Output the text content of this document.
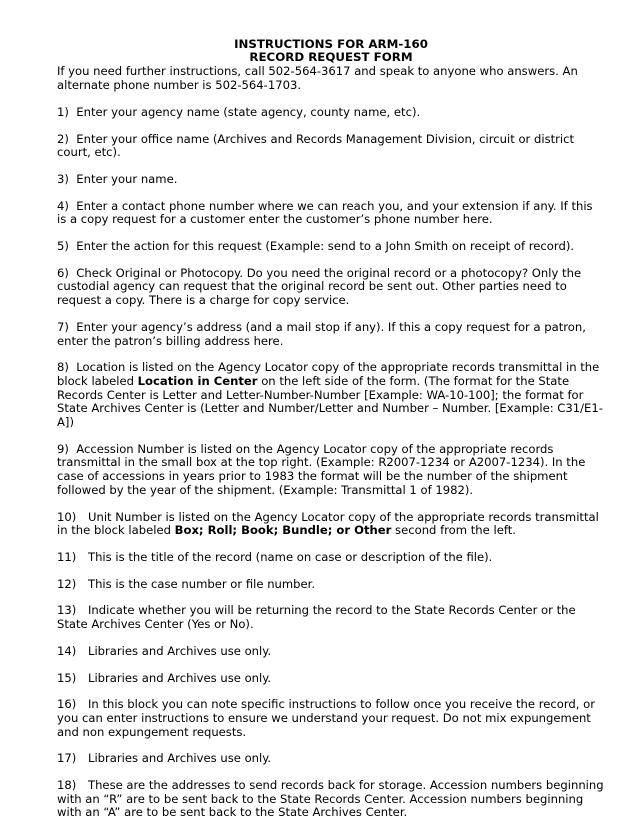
INSTRUCTIONS FOR ARM-160
RECORD REQUEST FORM

If you need further instructions, call 502-564-3617 and speak to anyone who answers. An alternate phone number is 502-564-1703.

1) Enter your agency name (state agency, county name, etc).

2) Enter your office name (Archives and Records Management Division, circuit or district court, etc).

3) Enter your name.

4) Enter a contact phone number where we can reach you, and your extension if any. If this is a copy request for a customer enter the customer’s phone number here.

5) Enter the action for this request (Example: send to a John Smith on receipt of record).

6) Check Original or Photocopy. Do you need the original record or a photocopy? Only the custodial agency can request that the original record be sent out. Other parties need to request a copy. There is a charge for copy service.

7) Enter your agency’s address (and a mail stop if any). If this a copy request for a patron, enter the patron’s billing address here.

8) Location is listed on the Agency Locator copy of the appropriate records transmittal in the block labeled Location in Center on the left side of the form. (The format for the State Records Center is Letter and Letter-Number-Number [Example: WA-10-100]; the format for State Archives Center is (Letter and Number/Letter and Number – Number. [Example: C31/E1-A])

9) Accession Number is listed on the Agency Locator copy of the appropriate records transmittal in the small box at the top right. (Example: R2007-1234 or A2007-1234). In the case of accessions in years prior to 1983 the format will be the number of the shipment followed by the year of the shipment. (Example: Transmittal 1 of 1982).

10) Unit Number is listed on the Agency Locator copy of the appropriate records transmittal in the block labeled Box; Roll; Book; Bundle; or Other second from the left.

11) This is the title of the record (name on case or description of the file).

12) This is the case number or file number.

13) Indicate whether you will be returning the record to the State Records Center or the State Archives Center (Yes or No).

14) Libraries and Archives use only.

15) Libraries and Archives use only.

16) In this block you can note specific instructions to follow once you receive the record, or you can enter instructions to ensure we understand your request. Do not mix expungement and non expungement requests.

17) Libraries and Archives use only.

18) These are the addresses to send records back for storage. Accession numbers beginning with an “R” are to be sent back to the State Records Center. Accession numbers beginning with an “A” are to be sent back to the State Archives Center.
